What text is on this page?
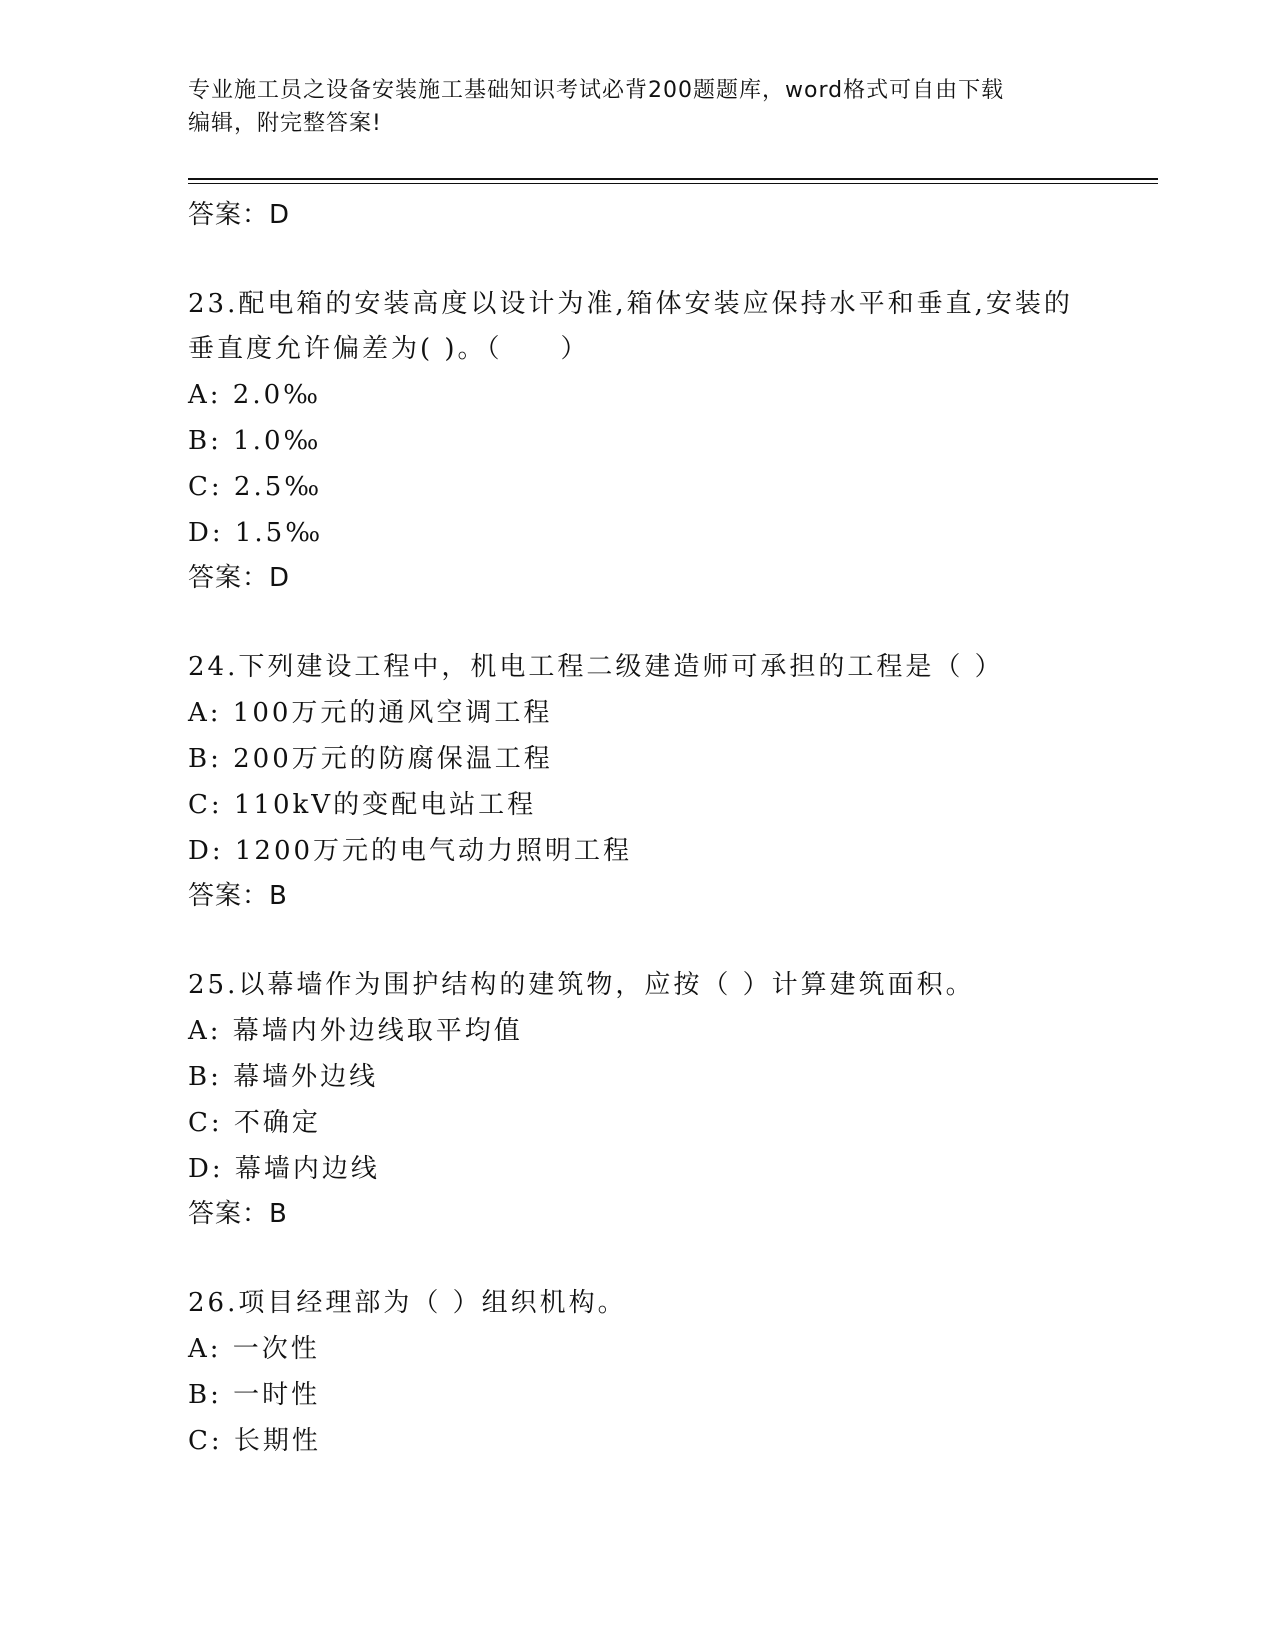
专业施工员之设备安装施工基础知识考试必背200题题库，word格式可自由下载
编辑，附完整答案!
答案：D
23.配电箱的安装高度以设计为准,箱体安装应保持水平和垂直,安装的
垂直度允许偏差为( )。（　　）
A: 2.0‰
B: 1.0‰
C: 2.5‰
D: 1.5‰
答案：D
24.下列建设工程中，机电工程二级建造师可承担的工程是（ ）
A: 100万元的通风空调工程
B: 200万元的防腐保温工程
C: 110kV的变配电站工程
D: 1200万元的电气动力照明工程
答案：B
25.以幕墙作为围护结构的建筑物，应按（ ）计算建筑面积。
A: 幕墙内外边线取平均值
B: 幕墙外边线
C: 不确定
D: 幕墙内边线
答案：B
26.项目经理部为（ ）组织机构。
A: 一次性
B: 一时性
C: 长期性
